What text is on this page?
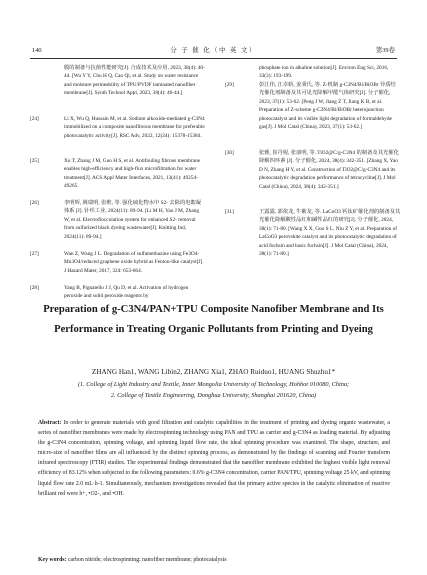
140	分 子 催 化（中 英 文）	第39卷

膜的制备与抗菌性能研究[J]. 合成技术及应用, 2023, 38(4): 40-44. [Wu Y Y, Chu H Q, Cao Qi, et al. Study on water resistance and moisture permeability of TPU/PVDF laminated nanofiber membrane[J]. Synth Technol Appl, 2023, 38(4): 40-44.]

[24]	Li X, Wu Q, Hussain M, et al. Sodium alkoxide-mediated g-C3N4 immobilized on a composite nanofibrous membrane for preferable photocatalytic activity[J]. RSC Adv, 2022, 12(24): 15378-15384.

[25]	Xu T, Zhang J M, Guo H S, et al. Antifouling fibrous membrane enables high-efficiency and high-flux microfiltration for water treatment[J]. ACS Appl Mater Interfaces, 2021, 13(41): 49254-49265.

[26]	李明辉, 姚瑞明, 张维, 等. 强化硫化物水中 S2- 去除的电絮凝体系 [J]. 针织工业, 2024(11): 89-94. [Li M H, Yao J M, Zhang W, et al. Electroflocculation system for enhanced S2- removal from sulfurized black dyeing wastewater[J]. Knitting Ind, 2024(11): 89-94.]

[27]	Wan Z, Wang J L. Degradation of sulfamethazine using Fe3O4-Mn3O4/reduced graphene oxide hybrid as Fenton-like catalyst[J]. J Hazard Mater, 2017, 324: 653-664.

[28]	Yang B, Pignatello J J, Qu D, et al. Activation of hydrogen peroxide and solid peroxide reagents by

phosphate ion in alkaline solution[J]. Environ Eng Sci, 2016, 33(3): 193-199.

[29]	彭江伟, 江卓娇, 姜秉氏, 等. Z-机制 g-C3N4/Bi/BiOBr 异质结光催化剂制备及其可见光降解甲醛气体研究[J]. 分子催化, 2023, 37(1): 53-62. [Peng J W, Jiang Z T, Jiang K B, et al. Preparation of Z-scheme g-C3N4/Bi/BiOBr heterojunction photocatalyst and its visible light degradation of formaldehyde gas[J]. J Mol Catal (China), 2023, 37(1): 53-62.]

[30]	张雅, 崔丹妮, 张康明, 等. TiO2@C/g-C3N4 的制备及其光催化降解四环素 [J]. 分子催化, 2024, 38(4): 342-351. [Zhang X, Yao D N, Zhang H Y, et al. Construction of TiO2@C/g-C3N4 and its photocatalytic degradation performance of tetracycline[J]. J Mol Catal (China), 2024, 38(4): 342-351.]

[31]	王露露, 郭依龙, 牛紫龙, 等. LaCoO3 钙钛矿催化剂的制备及其光催化降解酸性品红和碱性品红的研究[J]. 分子催化, 2024, 38(1): 71-80. [Wang X X, Guo S L, Niu Z Y, et al. Preparation of LaCoO3 perovskite catalyst and its photocatalytic degradation of acid fuchsin and basic fuchsin[J]. J Mol Catal (China), 2024, 38(1): 71-80.]

Preparation of g-C3N4/PAN+TPU Composite Nanofiber Membrane and Its Performance in Treating Organic Pollutants from Printing and Dyeing
ZHANG Han1, WANG Libin2, ZHANG Xia1, ZHAO Ruiduo1, HUANG Shuzhu1*
(1. College of Light Industry and Textile, Inner Mongolia University of Technology, Hohhot 010080, China;
2. College of Textile Engineering, Donghua University, Shanghai 201620, China)
Abstract: In order to generate materials with good filtration and catalytic capabilities in the treatment of printing and dyeing organic wastewater, a series of nanofiber membranes were made by electrospinning technology using PAN and TPU as carrier and g-C3N4 as loading material. By adjusting the g-C3N4 concentration, spinning voltage, and spinning liquid flow rate, the ideal spinning procedure was examined. The shape, structure, and micro-size of nanofiber films are all influenced by the distinct spinning process, as demonstrated by the findings of scanning and Fourier transform infrared spectroscopy (FTIR) studies. The experimental findings demonstrated that the nanofiber membrane exhibited the highest visible light removal efficiency of 83.12% when subjected to the following parameters: 0.6% g-C3N4 concentration, carrier PAN/TPU, spinning voltage 25 kV, and spinning liquid flow rate 2.0 mL·h-1. Simultaneously, mechanism investigations revealed that the primary active species in the catalytic elimination of reactive brilliant red were h+, •O2-, and •OH.
Key words: carbon nitride; electrospinning; nanofiber membrane; photocatalysis
